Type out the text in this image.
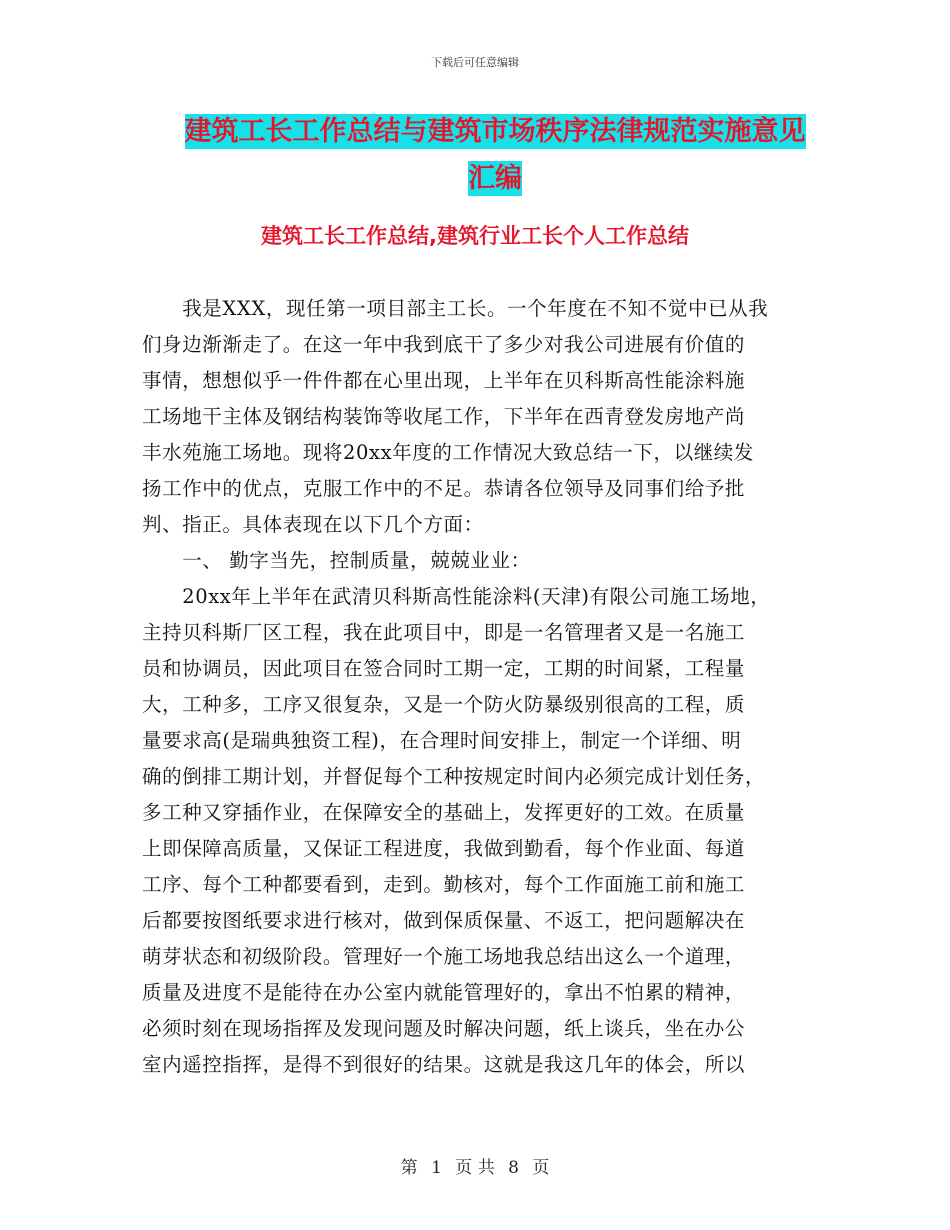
下载后可任意编辑
建筑工长工作总结与建筑市场秩序法律规范实施意见
汇编
建筑工长工作总结,建筑行业工长个人工作总结
　　我是XXX，现任第一项目部主工长。一个年度在不知不觉中已从我
们身边渐渐走了。在这一年中我到底干了多少对我公司进展有价值的
事情，想想似乎一件件都在心里出现，上半年在贝科斯高性能涂料施
工场地干主体及钢结构装饰等收尾工作，下半年在西青登发房地产尚
丰水苑施工场地。现将20xx年度的工作情况大致总结一下，以继续发
扬工作中的优点，克服工作中的不足。恭请各位领导及同事们给予批
判、指正。具体表现在以下几个方面：
　　一、 勤字当先，控制质量，兢兢业业：
　　20xx年上半年在武清贝科斯高性能涂料(天津)有限公司施工场地，
主持贝科斯厂区工程，我在此项目中，即是一名管理者又是一名施工
员和协调员，因此项目在签合同时工期一定，工期的时间紧，工程量
大，工种多，工序又很复杂，又是一个防火防暴级别很高的工程，质
量要求高(是瑞典独资工程)，在合理时间安排上，制定一个详细、明
确的倒排工期计划，并督促每个工种按规定时间内必须完成计划任务，
多工种又穿插作业，在保障安全的基础上，发挥更好的工效。在质量
上即保障高质量，又保证工程进度，我做到勤看，每个作业面、每道
工序、每个工种都要看到，走到。勤核对，每个工作面施工前和施工
后都要按图纸要求进行核对，做到保质保量、不返工，把问题解决在
萌芽状态和初级阶段。管理好一个施工场地我总结出这么一个道理，
质量及进度不是能待在办公室内就能管理好的，拿出不怕累的精神，
必须时刻在现场指挥及发现问题及时解决问题，纸上谈兵，坐在办公
室内遥控指挥，是得不到很好的结果。这就是我这几年的体会，所以
第 1 页 共 8 页
